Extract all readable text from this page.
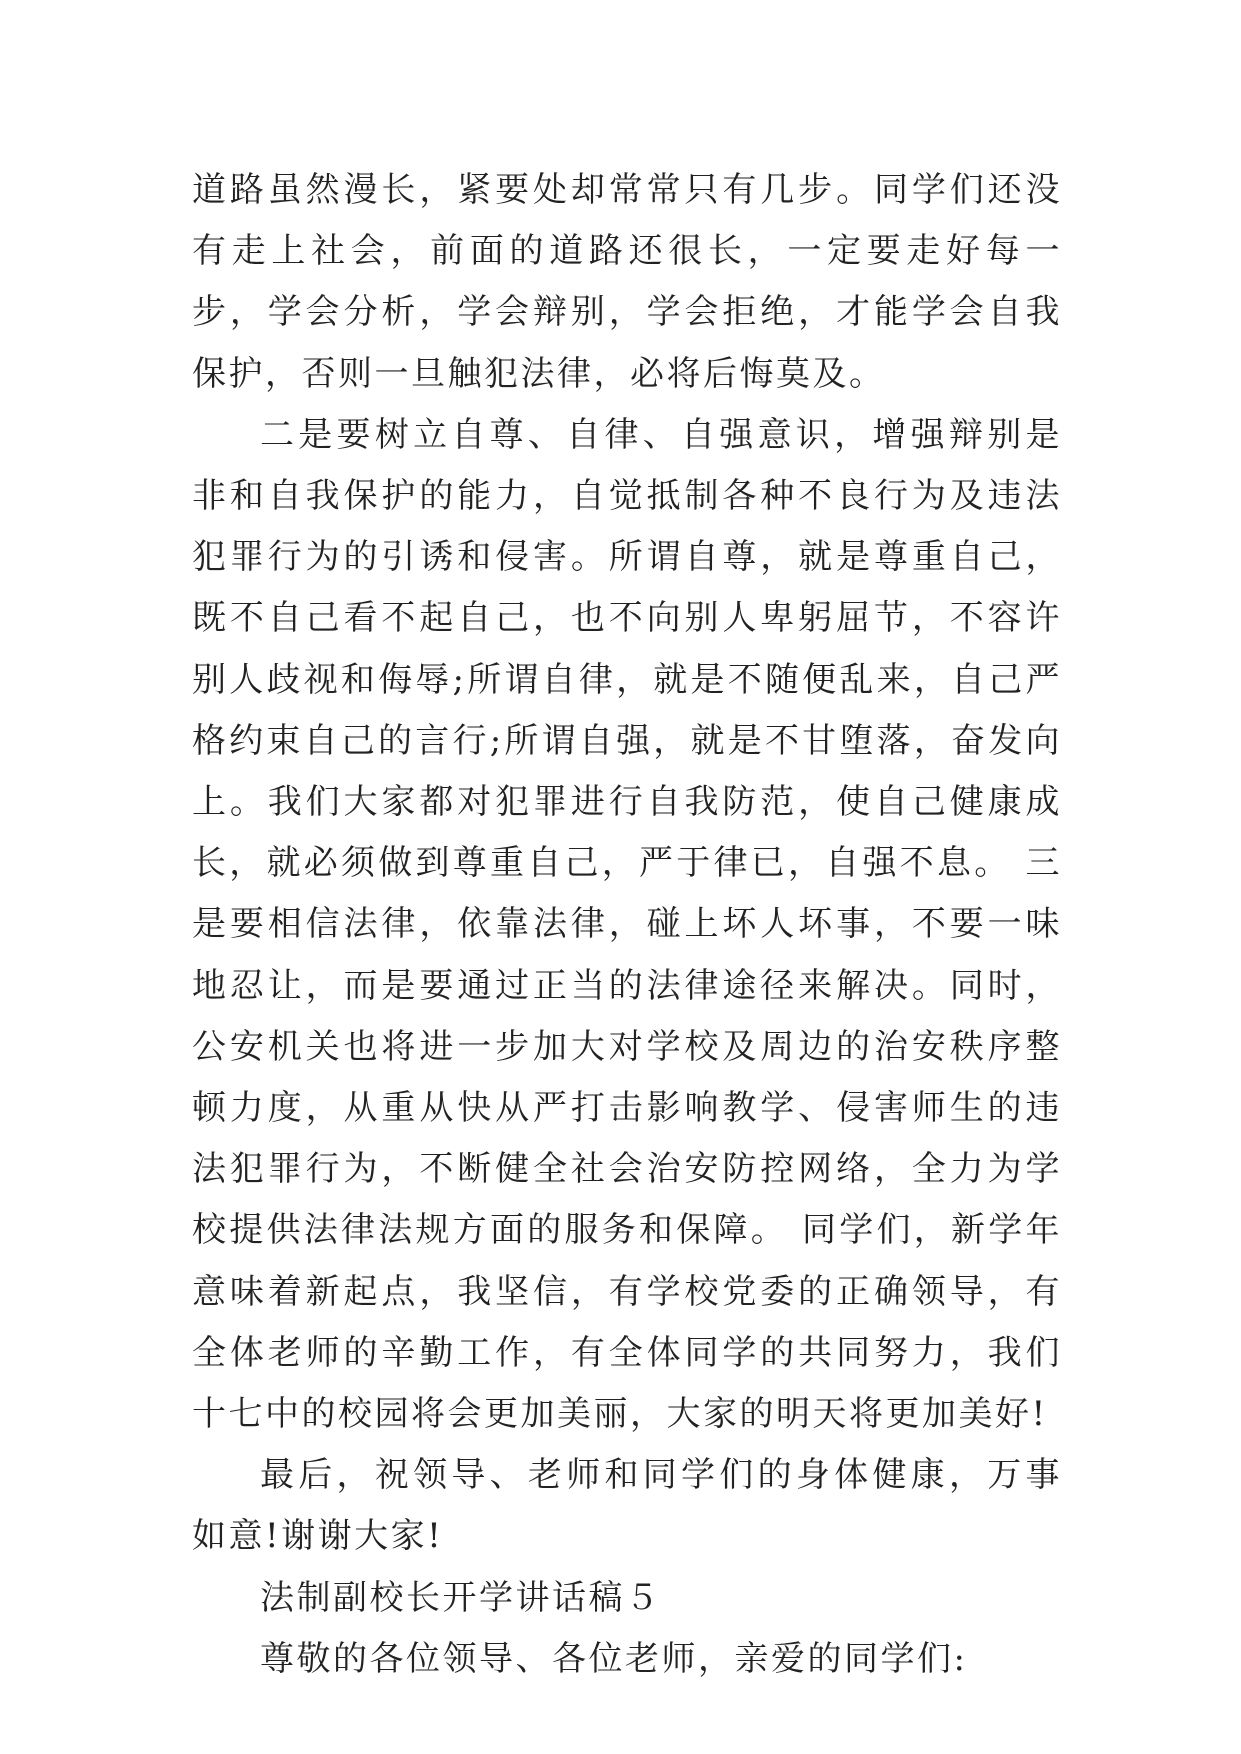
道路虽然漫长，紧要处却常常只有几步。同学们还没有走上社会，前面的道路还很长，一定要走好每一步，学会分析，学会辩别，学会拒绝，才能学会自我保护，否则一旦触犯法律，必将后悔莫及。

二是要树立自尊、自律、自强意识，增强辩别是非和自我保护的能力，自觉抵制各种不良行为及违法犯罪行为的引诱和侵害。所谓自尊，就是尊重自己，既不自己看不起自己，也不向别人卑躬屈节，不容许别人歧视和侮辱;所谓自律，就是不随便乱来，自己严格约束自己的言行;所谓自强，就是不甘堕落，奋发向上。我们大家都对犯罪进行自我防范，使自己健康成长，就必须做到尊重自己，严于律已，自强不息。 三是要相信法律，依靠法律，碰上坏人坏事，不要一味地忍让，而是要通过正当的法律途径来解决。同时，公安机关也将进一步加大对学校及周边的治安秩序整顿力度，从重从快从严打击影响教学、侵害师生的违法犯罪行为，不断健全社会治安防控网络，全力为学校提供法律法规方面的服务和保障。 同学们，新学年意味着新起点，我坚信，有学校党委的正确领导，有全体老师的辛勤工作，有全体同学的共同努力，我们十七中的校园将会更加美丽，大家的明天将更加美好!

最后，祝领导、老师和同学们的身体健康，万事如意!谢谢大家!

法制副校长开学讲话稿５

尊敬的各位领导、各位老师，亲爱的同学们:
